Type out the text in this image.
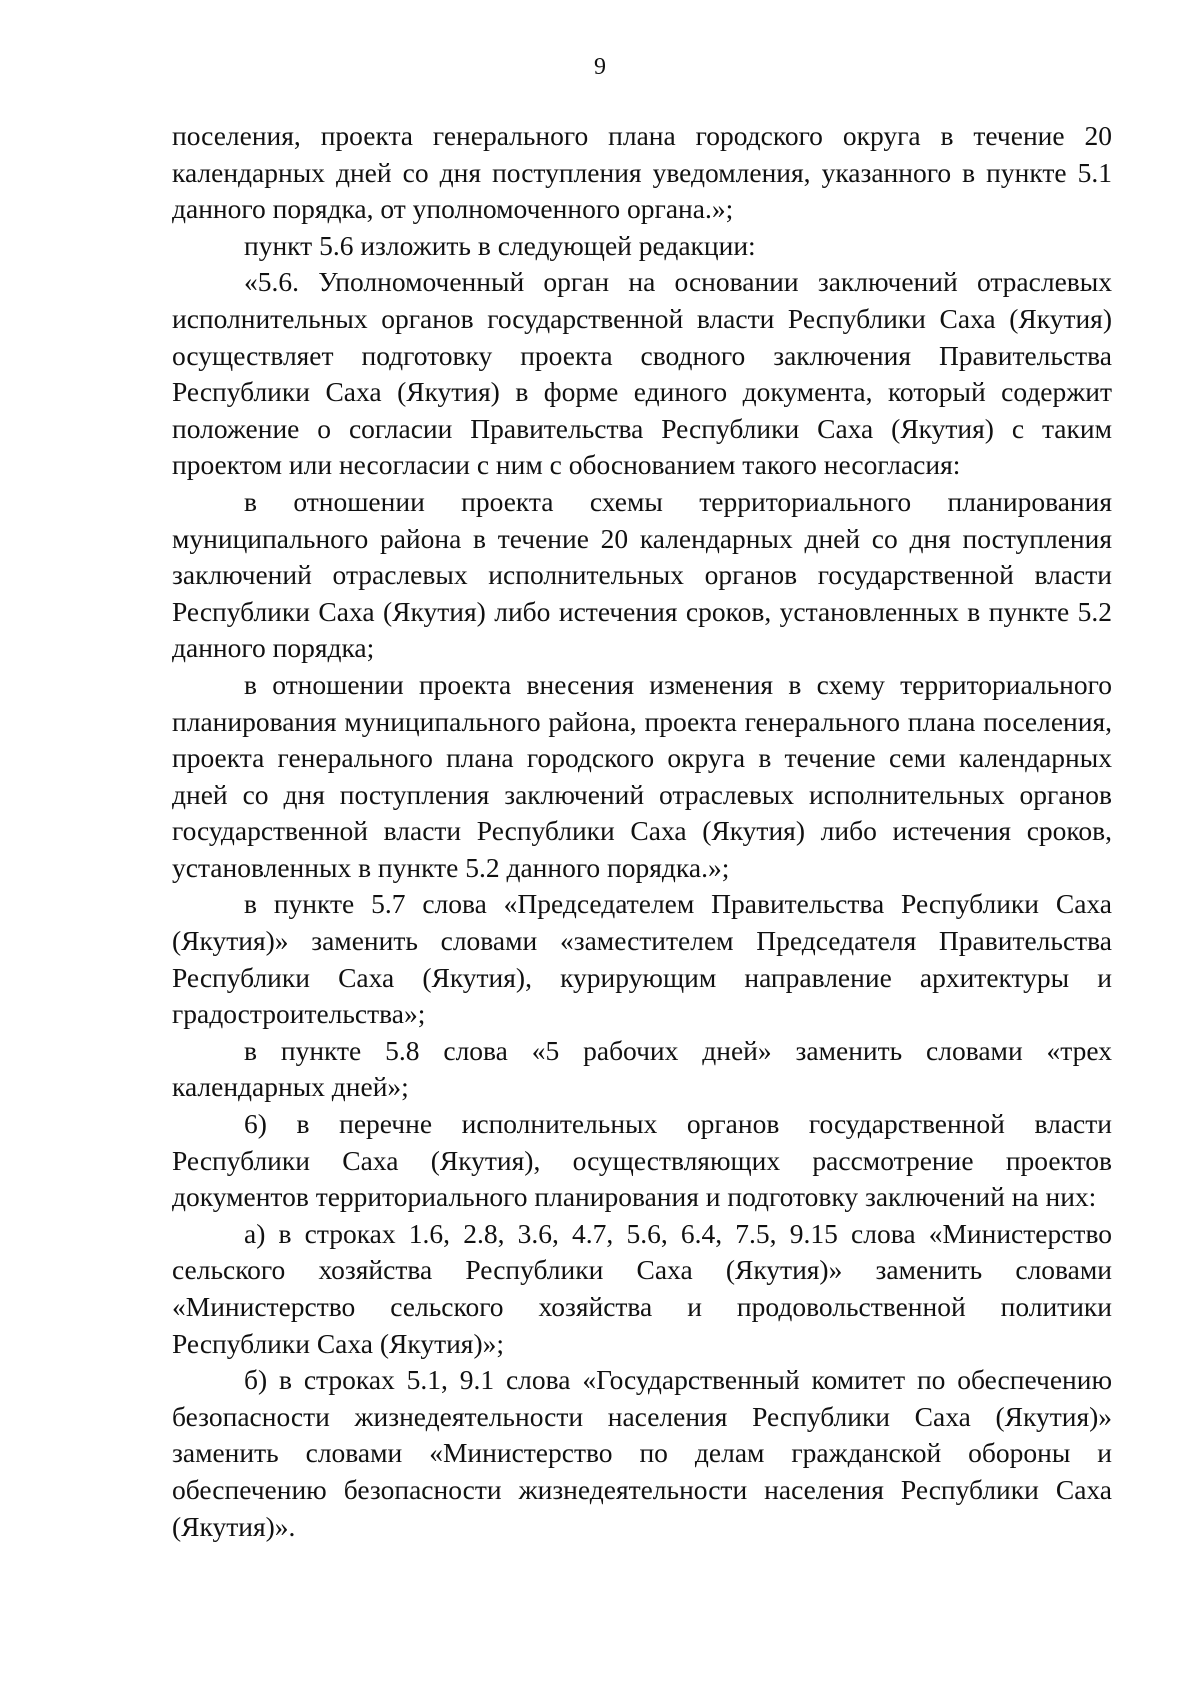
9

поселения, проекта генерального плана городского округа в течение 20 календарных дней со дня поступления уведомления, указанного в пункте 5.1 данного порядка, от уполномоченного органа.»;

пункт 5.6 изложить в следующей редакции:

«5.6. Уполномоченный орган на основании заключений отраслевых исполнительных органов государственной власти Республики Саха (Якутия) осуществляет подготовку проекта сводного заключения Правительства Республики Саха (Якутия) в форме единого документа, который содержит положение о согласии Правительства Республики Саха (Якутия) с таким проектом или несогласии с ним с обоснованием такого несогласия:

в отношении проекта схемы территориального планирования муниципального района в течение 20 календарных дней со дня поступления заключений отраслевых исполнительных органов государственной власти Республики Саха (Якутия) либо истечения сроков, установленных в пункте 5.2 данного порядка;

в отношении проекта внесения изменения в схему территориального планирования муниципального района, проекта генерального плана поселения, проекта генерального плана городского округа в течение семи календарных дней со дня поступления заключений отраслевых исполнительных органов государственной власти Республики Саха (Якутия) либо истечения сроков, установленных в пункте 5.2 данного порядка.»;

в пункте 5.7 слова «Председателем Правительства Республики Саха (Якутия)» заменить словами «заместителем Председателя Правительства Республики Саха (Якутия), курирующим направление архитектуры и градостроительства»;

в пункте 5.8 слова «5 рабочих дней» заменить словами «трех календарных дней»;

6) в перечне исполнительных органов государственной власти Республики Саха (Якутия), осуществляющих рассмотрение проектов документов территориального планирования и подготовку заключений на них:

а) в строках 1.6, 2.8, 3.6, 4.7, 5.6, 6.4, 7.5, 9.15 слова «Министерство сельского хозяйства Республики Саха (Якутия)» заменить словами «Министерство сельского хозяйства и продовольственной политики Республики Саха (Якутия)»;

б) в строках 5.1, 9.1 слова «Государственный комитет по обеспечению безопасности жизнедеятельности населения Республики Саха (Якутия)» заменить словами «Министерство по делам гражданской обороны и обеспечению безопасности жизнедеятельности населения Республики Саха (Якутия)».
